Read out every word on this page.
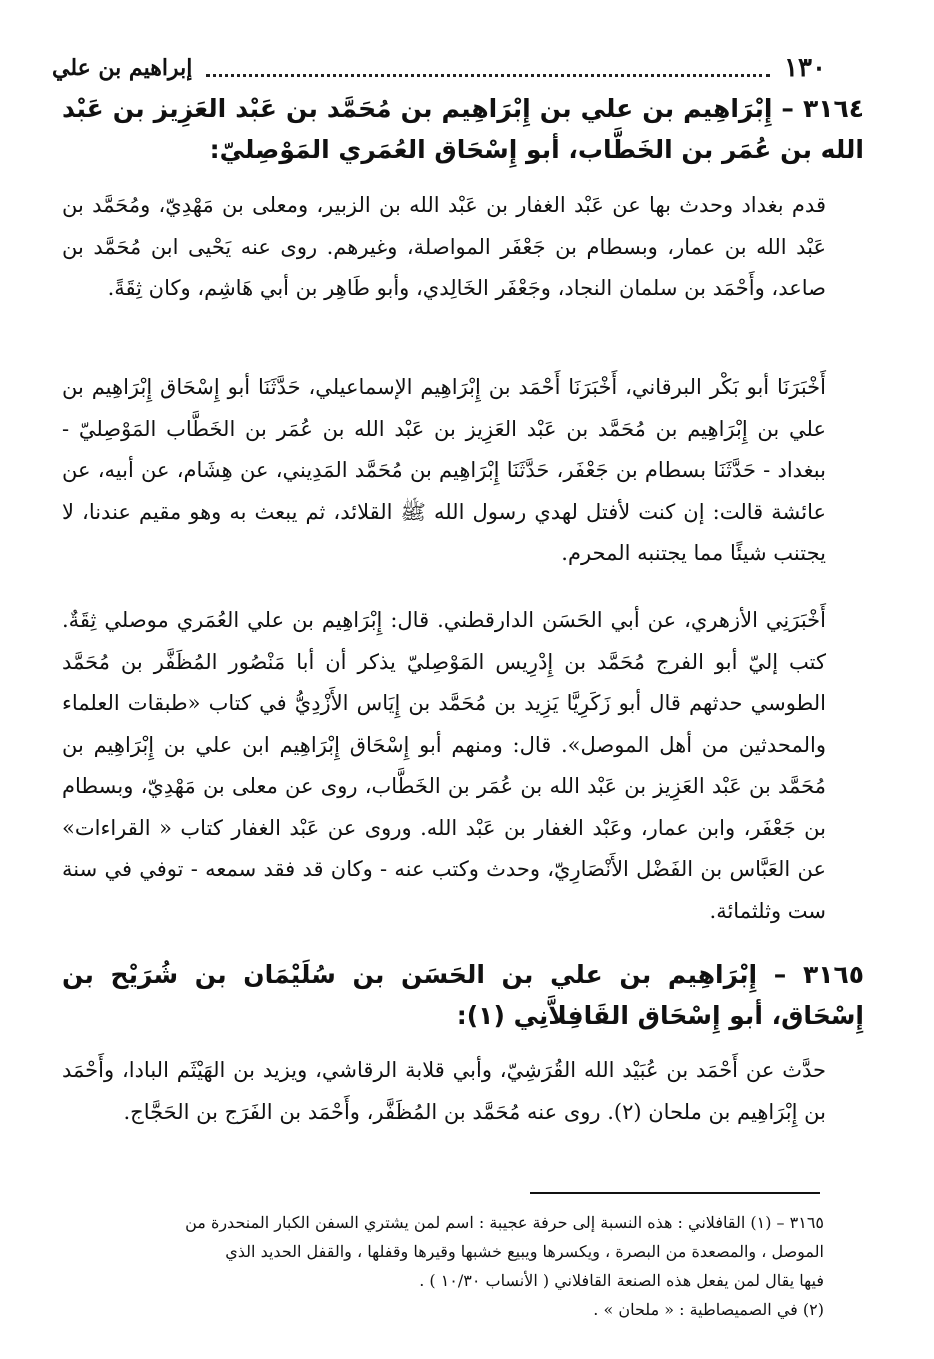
١٣٠
إبراهيم بن علي

٣١٦٤ – إِبْرَاهِيم بن علي بن إِبْرَاهِيم بن مُحَمَّد بن عَبْد العَزِيز بن عَبْد الله بن عُمَر بن الخَطَّاب، أبو إِسْحَاق العُمَري المَوْصِليّ:

قدم بغداد وحدث بها عن عَبْد الغفار بن عَبْد الله بن الزبير، ومعلى بن مَهْدِيّ، ومُحَمَّد بن عَبْد الله بن عمار، وبسطام بن جَعْفَر المواصلة، وغيرهم. روى عنه يَحْيى ابن مُحَمَّد بن صاعد، وأَحْمَد بن سلمان النجاد، وجَعْفَر الخَالِدي، وأبو طَاهِر بن أبي هَاشِم، وكان ثِقَةً.

أَخْبَرَنَا أبو بَكْر البرقاني، أَخْبَرَنَا أَحْمَد بن إِبْرَاهِيم الإسماعيلي، حَدَّثَنَا أبو إِسْحَاق إِبْرَاهِيم بن علي بن إِبْرَاهِيم بن مُحَمَّد بن عَبْد العَزِيز بن عَبْد الله بن عُمَر بن الخَطَّاب المَوْصِليّ - ببغداد - حَدَّثَنَا بسطام بن جَعْفَر، حَدَّثَنَا إِبْرَاهِيم بن مُحَمَّد المَدِيني، عن هِشَام، عن أبيه، عن عائشة قالت: إن كنت لأفتل لهدي رسول الله ﷺ القلائد، ثم يبعث به وهو مقيم عندنا، لا يجتنب شيئًا مما يجتنبه المحرم.

أَخْبَرَنِي الأزهري، عن أبي الحَسَن الدارقطني. قال: إِبْرَاهِيم بن علي العُمَري موصلي ثِقَةٌ. كتب إليّ أبو الفرج مُحَمَّد بن إِدْرِيس المَوْصِليّ يذكر أن أبا مَنْصُور المُظَفَّر بن مُحَمَّد الطوسي حدثهم قال أبو زَكَرِيَّا يَزِيد بن مُحَمَّد بن إِيَاس الأَزْدِيُّ في كتاب «طبقات العلماء والمحدثين من أهل الموصل». قال: ومنهم أبو إِسْحَاق إِبْرَاهِيم ابن علي بن إِبْرَاهِيم بن مُحَمَّد بن عَبْد العَزِيز بن عَبْد الله بن عُمَر بن الخَطَّاب، روى عن معلى بن مَهْدِيّ، وبسطام بن جَعْفَر، وابن عمار، وعَبْد الغفار بن عَبْد الله. وروى عن عَبْد الغفار كتاب « القراءات» عن العَبَّاس بن الفَضْل الأَنْصَارِيّ، وحدث وكتب عنه - وكان قد فقد سمعه - توفي في سنة ست وثلثمائة.

٣١٦٥ – إِبْرَاهِيم بن علي بن الحَسَن بن سُلَيْمَان بن شُرَيْح بن إِسْحَاق، أبو إِسْحَاق القَافِلاَّنِي (١):

حدَّث عن أَحْمَد بن عُبَيْد الله القُرَشِيّ، وأبي قلابة الرقاشي، ويزيد بن الهَيْثَم البادا، وأَحْمَد بن إِبْرَاهِيم بن ملحان (٢). روى عنه مُحَمَّد بن المُظَفَّر، وأَحْمَد بن الفَرَج بن الحَجَّاج.

٣١٦٥ – (١) القافلاني : هذه النسبة إلى حرفة عجيبة : اسم لمن يشتري السفن الكبار المنحدرة من

الموصل ، والمصعدة من البصرة ، ويكسرها ويبيع خشبها وقيرها وقفلها ، والقفل الحديد الذي

فيها يقال لمن يفعل هذه الصنعة القافلاني ( الأنساب ١٠/٣٠ ) .

(٢) في الصميصاطية : « ملحان » .
